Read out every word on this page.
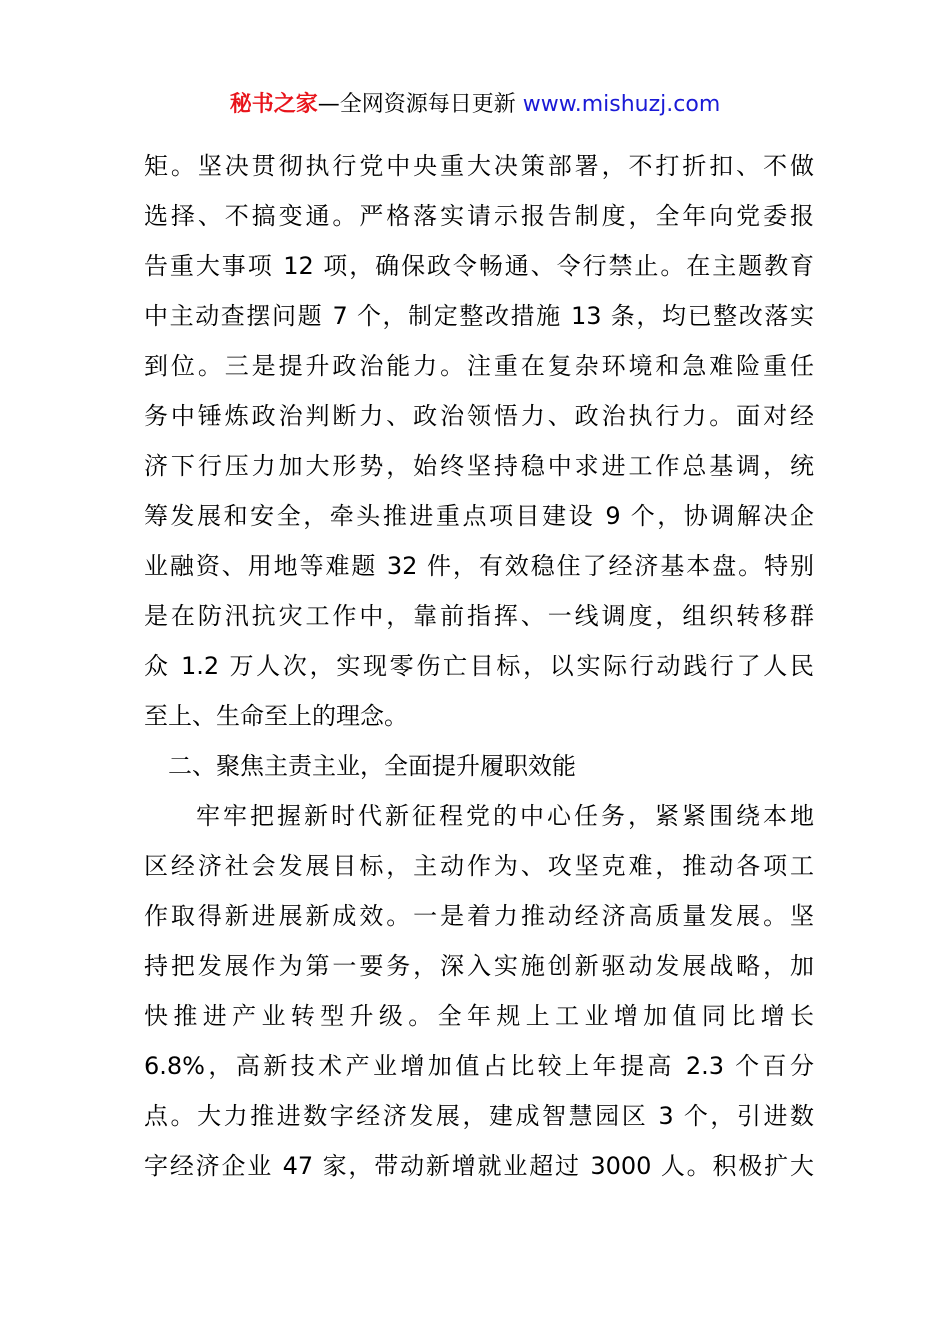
秘书之家—全网资源每日更新 www.mishuzj.com
矩。坚决贯彻执行党中央重大决策部署，不打折扣、不做
选择、不搞变通。严格落实请示报告制度，全年向党委报
告重大事项 12 项，确保政令畅通、令行禁止。在主题教育
中主动查摆问题 7 个，制定整改措施 13 条，均已整改落实
到位。三是提升政治能力。注重在复杂环境和急难险重任
务中锤炼政治判断力、政治领悟力、政治执行力。面对经
济下行压力加大形势，始终坚持稳中求进工作总基调，统
筹发展和安全，牵头推进重点项目建设 9 个，协调解决企
业融资、用地等难题 32 件，有效稳住了经济基本盘。特别
是在防汛抗灾工作中，靠前指挥、一线调度，组织转移群
众 1.2 万人次，实现零伤亡目标，以实际行动践行了人民
至上、生命至上的理念。
二、聚焦主责主业，全面提升履职效能
牢牢把握新时代新征程党的中心任务，紧紧围绕本地
区经济社会发展目标，主动作为、攻坚克难，推动各项工
作取得新进展新成效。一是着力推动经济高质量发展。坚
持把发展作为第一要务，深入实施创新驱动发展战略，加
快推进产业转型升级。全年规上工业增加值同比增长
6.8%，高新技术产业增加值占比较上年提高 2.3 个百分
点。大力推进数字经济发展，建成智慧园区 3 个，引进数
字经济企业 47 家，带动新增就业超过 3000 人。积极扩大
